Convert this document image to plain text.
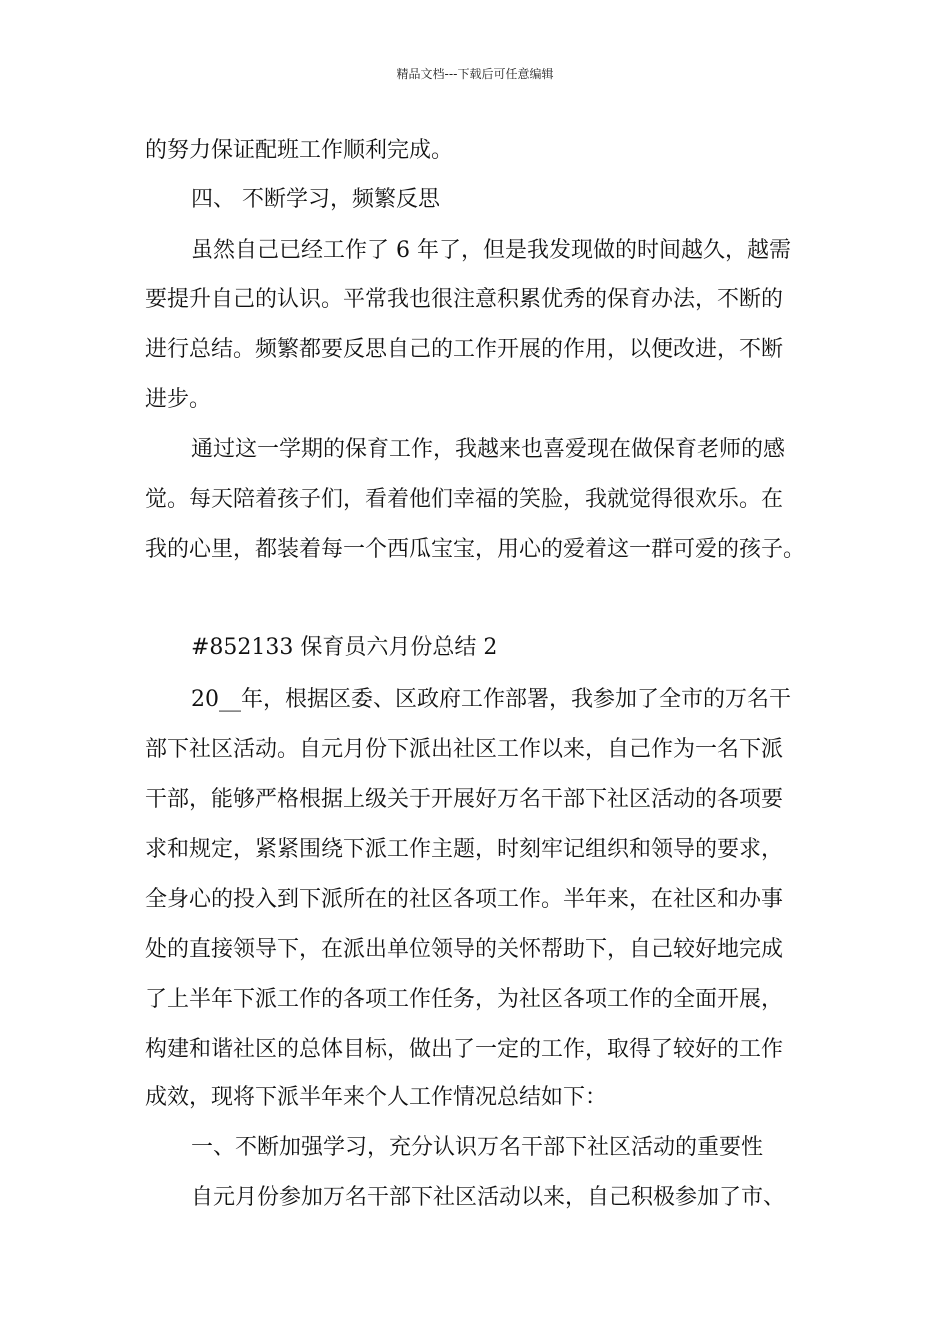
精品文档---下载后可任意编辑
的努力保证配班工作顺利完成。
四、 不断学习，频繁反思
虽然自己已经工作了 6 年了，但是我发现做的时间越久，越需
要提升自己的认识。平常我也很注意积累优秀的保育办法，不断的
进行总结。频繁都要反思自己的工作开展的作用，以便改进，不断
进步。
通过这一学期的保育工作，我越来也喜爱现在做保育老师的感
觉。每天陪着孩子们，看着他们幸福的笑脸，我就觉得很欢乐。在
我的心里，都装着每一个西瓜宝宝，用心的爱着这一群可爱的孩子。
#852133 保育员六月份总结 2
20__年，根据区委、区政府工作部署，我参加了全市的万名干
部下社区活动。自元月份下派出社区工作以来，自己作为一名下派
干部，能够严格根据上级关于开展好万名干部下社区活动的各项要
求和规定，紧紧围绕下派工作主题，时刻牢记组织和领导的要求，
全身心的投入到下派所在的社区各项工作。半年来，在社区和办事
处的直接领导下，在派出单位领导的关怀帮助下，自己较好地完成
了上半年下派工作的各项工作任务，为社区各项工作的全面开展，
构建和谐社区的总体目标，做出了一定的工作，取得了较好的工作
成效，现将下派半年来个人工作情况总结如下：
一、不断加强学习，充分认识万名干部下社区活动的重要性
自元月份参加万名干部下社区活动以来，自己积极参加了市、
